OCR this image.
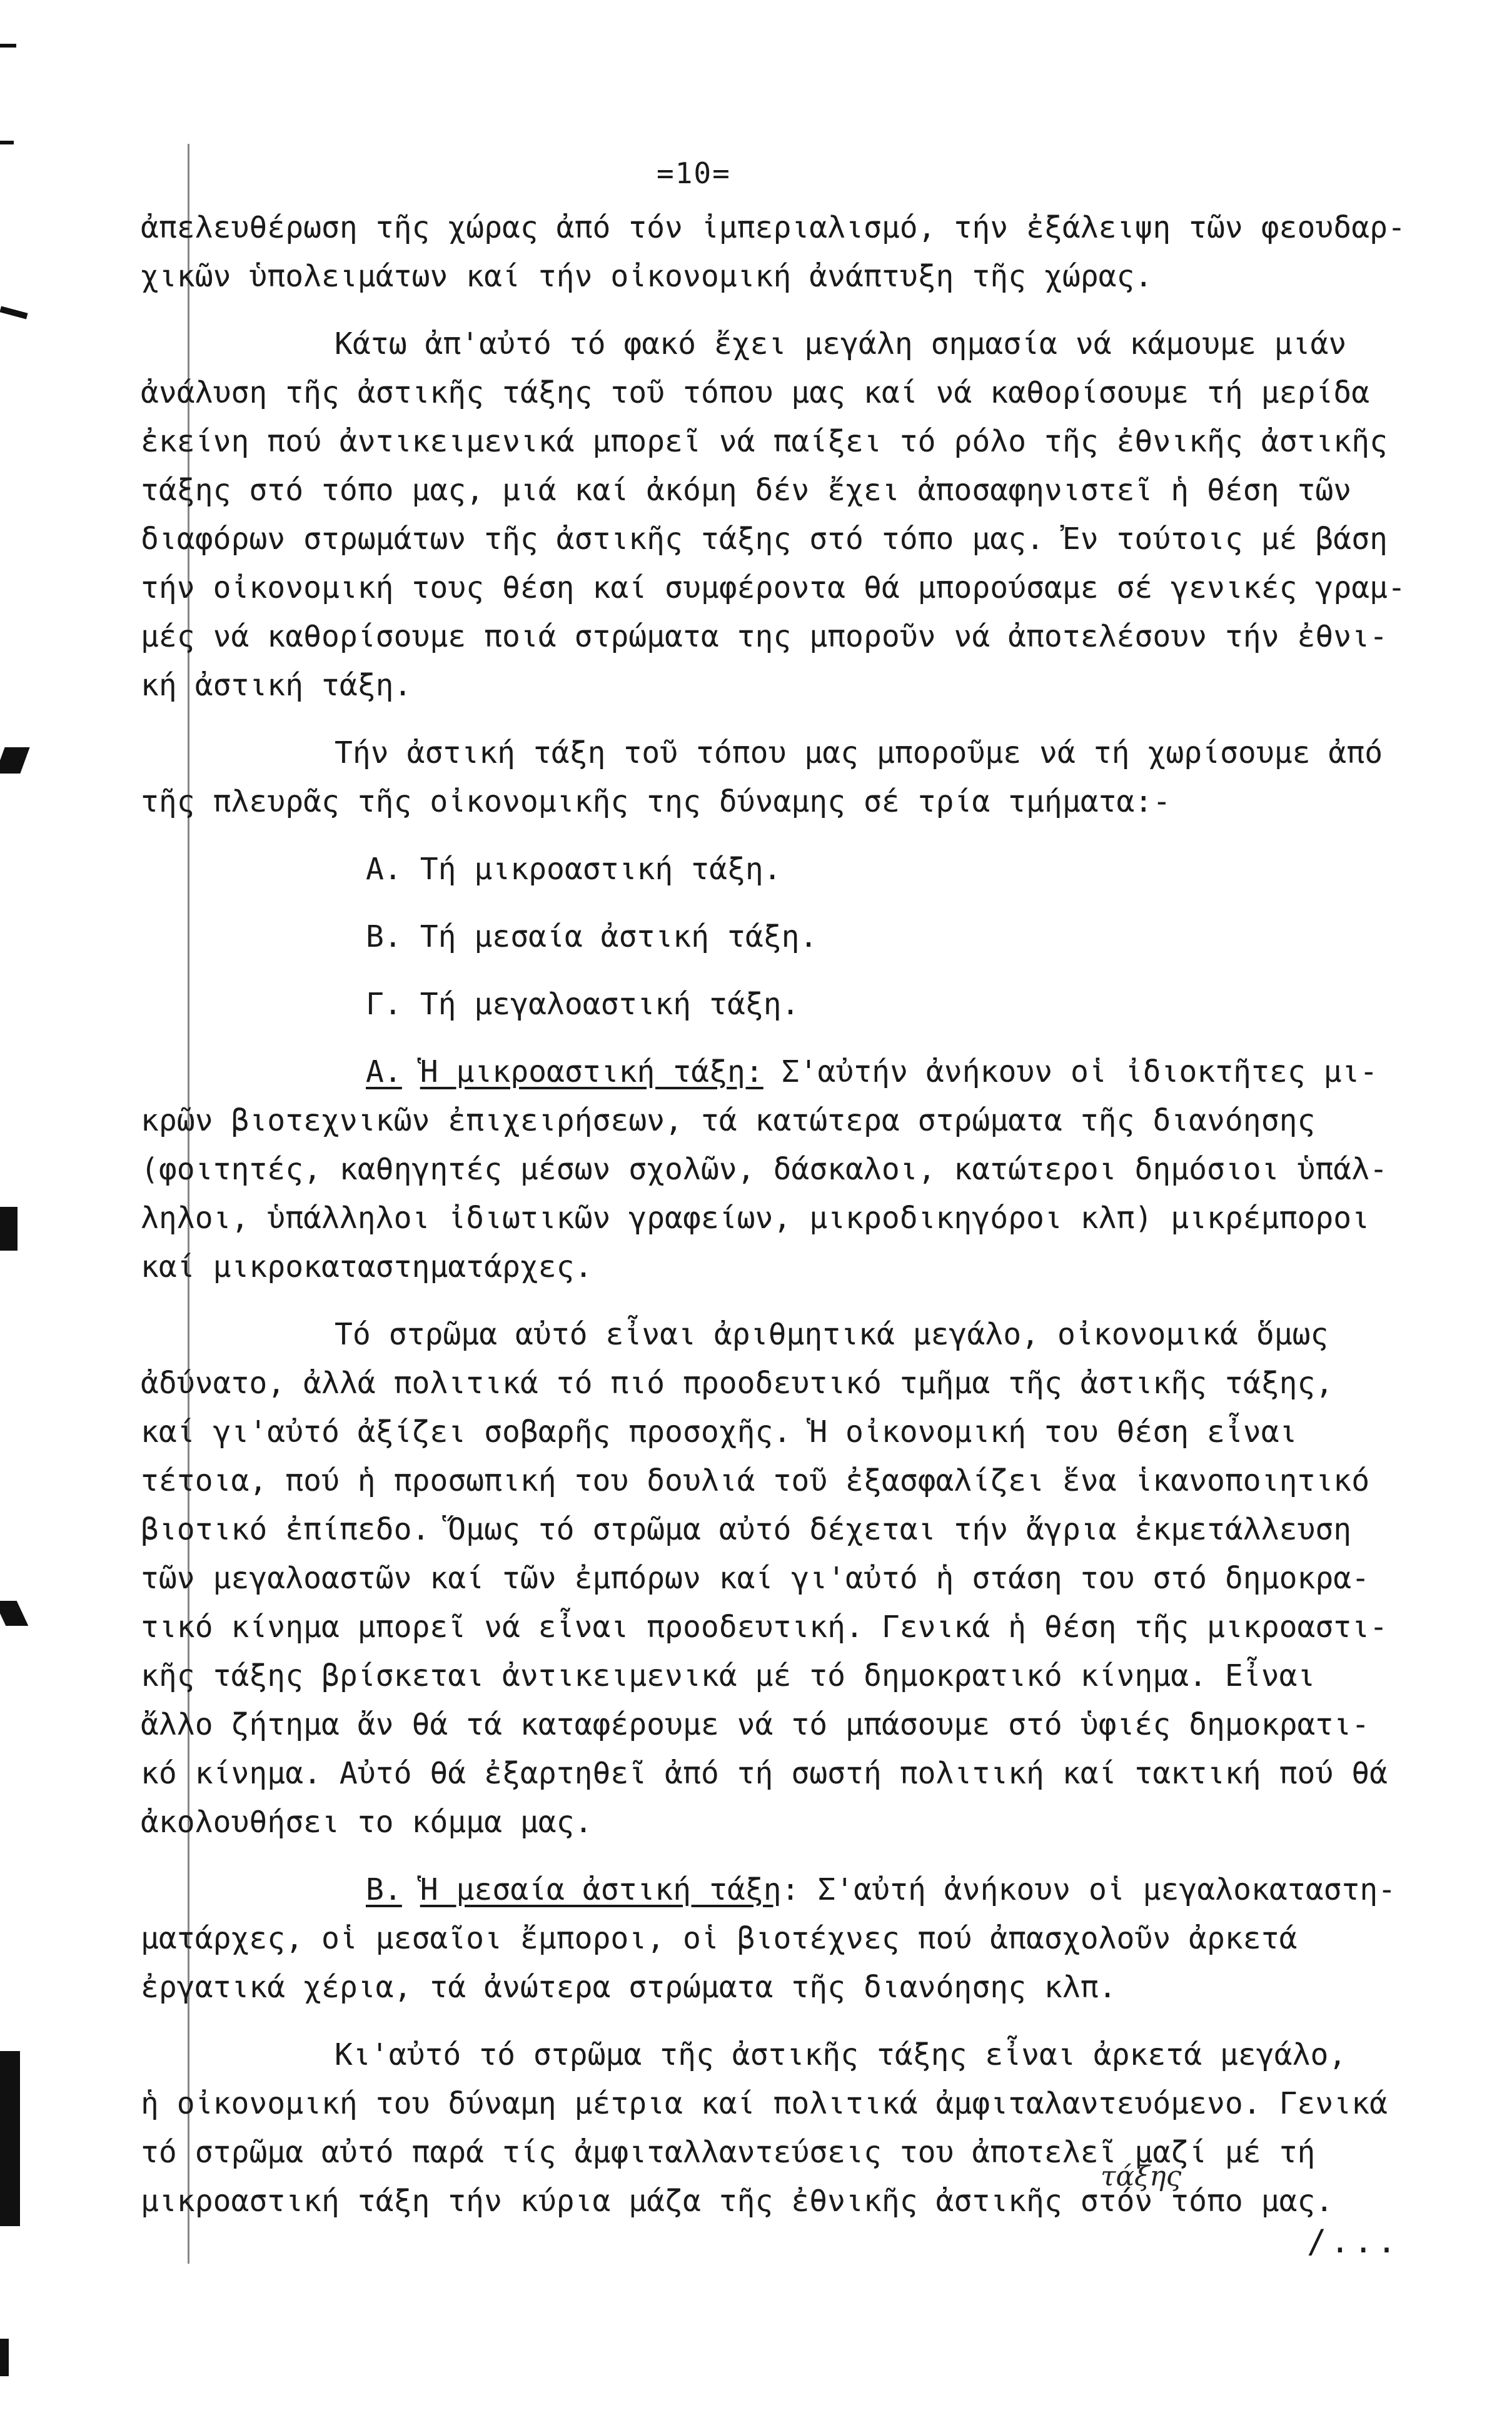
=10=
ἀπελευθέρωση τῆς χώρας ἀπό τόν ἰμπεριαλισμό, τήν ἐξάλειψη τῶν φεουδαρ-
χικῶν ὑπολειμάτων καί τήν οἰκονομική ἀνάπτυξη τῆς χώρας.
Κάτω ἀπ'αὐτό τό φακό ἔχει μεγάλη σημασία νά κάμουμε μιάν
ἀνάλυση τῆς ἀστικῆς τάξης τοῦ τόπου μας καί νά καθορίσουμε τή μερίδα
ἐκείνη πού ἀντικειμενικά μπορεῖ νά παίξει τό ρόλο τῆς ἐθνικῆς ἀστικῆς
τάξης στό τόπο μας, μιά καί ἀκόμη δέν ἔχει ἀποσαφηνιστεῖ ἡ θέση τῶν
διαφόρων στρωμάτων τῆς ἀστικῆς τάξης στό τόπο μας. Ἐν τούτοις μέ βάση
τήν οἰκονομική τους θέση καί συμφέροντα θά μπορούσαμε σέ γενικές γραμ-
μές νά καθορίσουμε ποιά στρώματα της μποροῦν νά ἀποτελέσουν τήν ἐθνι-
κή ἀστική τάξη.
Τήν ἀστική τάξη τοῦ τόπου μας μποροῦμε νά τή χωρίσουμε ἀπό
τῆς πλευρᾶς τῆς οἰκονομικῆς της δύναμης σέ τρία τμήματα:-
Α. Τή μικροαστική τάξη.
Β. Τή μεσαία ἀστική τάξη.
Γ. Τή μεγαλοαστική τάξη.
Α. Ἡ μικροαστική τάξη: Σ'αὐτήν ἀνήκουν οἱ ἰδιοκτῆτες μι-
κρῶν βιοτεχνικῶν ἐπιχειρήσεων, τά κατώτερα στρώματα τῆς διανόησης
(φοιτητές, καθηγητές μέσων σχολῶν, δάσκαλοι, κατώτεροι δημόσιοι ὑπάλ-
ληλοι, ὑπάλληλοι ἰδιωτικῶν γραφείων, μικροδικηγόροι κλπ) μικρέμποροι
καί μικροκαταστηματάρχες.
Τό στρῶμα αὐτό εἶναι ἀριθμητικά μεγάλο, οἰκονομικά ὅμως
ἀδύνατο, ἀλλά πολιτικά τό πιό προοδευτικό τμῆμα τῆς ἀστικῆς τάξης,
καί γι'αὐτό ἀξίζει σοβαρῆς προσοχῆς. Ἡ οἰκονομική του θέση εἶναι
τέτοια, πού ἡ προσωπική του δουλιά τοῦ ἐξασφαλίζει ἕνα ἱκανοποιητικό
βιοτικό ἐπίπεδο. Ὅμως τό στρῶμα αὐτό δέχεται τήν ἄγρια ἐκμετάλλευση
τῶν μεγαλοαστῶν καί τῶν ἐμπόρων καί γι'αὐτό ἡ στάση του στό δημοκρα-
τικό κίνημα μπορεῖ νά εἶναι προοδευτική. Γενικά ἡ θέση τῆς μικροαστι-
κῆς τάξης βρίσκεται ἀντικειμενικά μέ τό δημοκρατικό κίνημα. Εἶναι
ἄλλο ζήτημα ἄν θά τά καταφέρουμε νά τό μπάσουμε στό ὑφιές δημοκρατι-
κό κίνημα. Αὐτό θά ἐξαρτηθεῖ ἀπό τή σωστή πολιτική καί τακτική πού θά
ἀκολουθήσει το κόμμα μας.
Β. Ἡ μεσαία ἀστική τάξη: Σ'αὐτή ἀνήκουν οἱ μεγαλοκαταστη-
ματάρχες, οἱ μεσαῖοι ἔμποροι, οἱ βιοτέχνες πού ἀπασχολοῦν ἀρκετά
ἐργατικά χέρια, τά ἀνώτερα στρώματα τῆς διανόησης κλπ.
Κι'αὐτό τό στρῶμα τῆς ἀστικῆς τάξης εἶναι ἀρκετά μεγάλο,
ἡ οἰκονομική του δύναμη μέτρια καί πολιτικά ἀμφιταλαντευόμενο. Γενικά
τό στρῶμα αὐτό παρά τίς ἀμφιταλλαντεύσεις του ἀποτελεῖ μαζί μέ τή
μικροαστική τάξη τήν κύρια μάζα τῆς ἐθνικῆς ἀστικῆς στόν τόπο μας.
τάξης
/...
